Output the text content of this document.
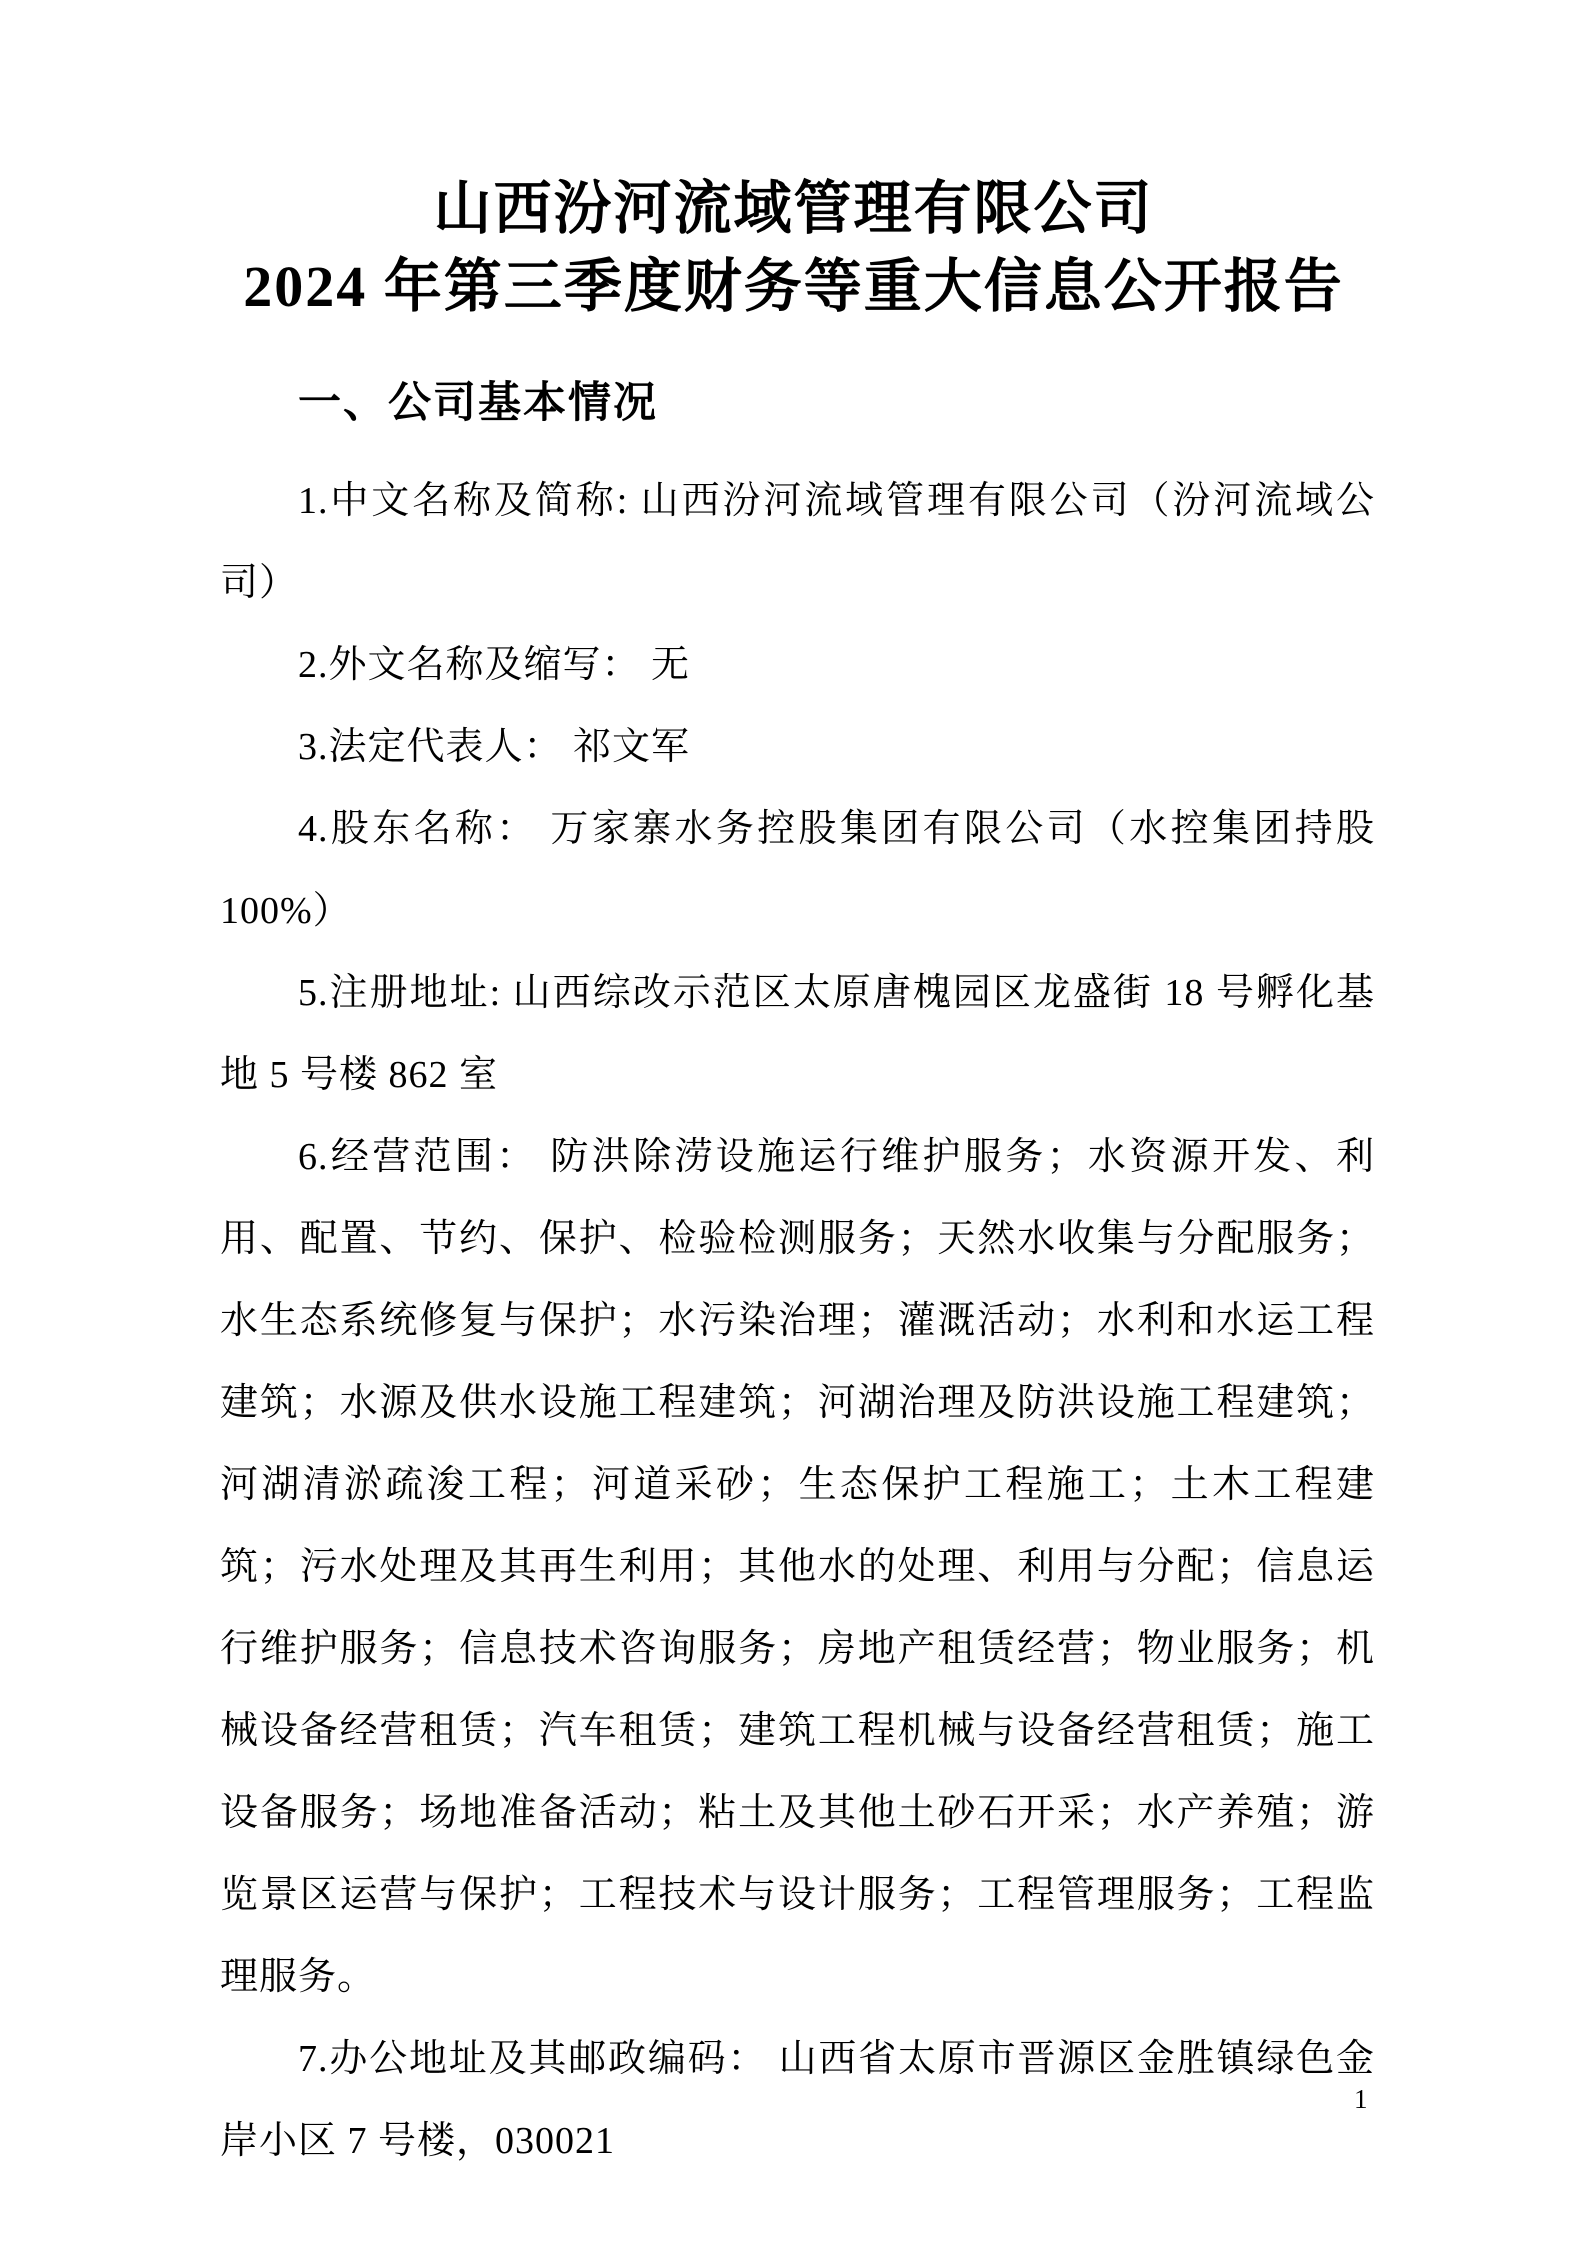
山西汾河流域管理有限公司
2024 年第三季度财务等重大信息公开报告
一、公司基本情况

1.中文名称及简称: 山西汾河流域管理有限公司（汾河流域公司）

2.外文名称及缩写： 无

3.法定代表人： 祁文军

4.股东名称： 万家寨水务控股集团有限公司（水控集团持股 100%）

5.注册地址: 山西综改示范区太原唐槐园区龙盛街 18 号孵化基地 5 号楼 862 室

6.经营范围： 防洪除涝设施运行维护服务；水资源开发、利用、配置、节约、保护、检验检测服务；天然水收集与分配服务；水生态系统修复与保护；水污染治理；灌溉活动；水利和水运工程建筑；水源及供水设施工程建筑；河湖治理及防洪设施工程建筑；河湖清淤疏浚工程；河道采砂；生态保护工程施工；土木工程建筑；污水处理及其再生利用；其他水的处理、利用与分配；信息运行维护服务；信息技术咨询服务；房地产租赁经营；物业服务；机械设备经营租赁；汽车租赁；建筑工程机械与设备经营租赁；施工设备服务；场地准备活动；粘土及其他土砂石开采；水产养殖；游览景区运营与保护；工程技术与设计服务；工程管理服务；工程监理服务。

7.办公地址及其邮政编码： 山西省太原市晋源区金胜镇绿色金岸小区 7 号楼，030021

1
